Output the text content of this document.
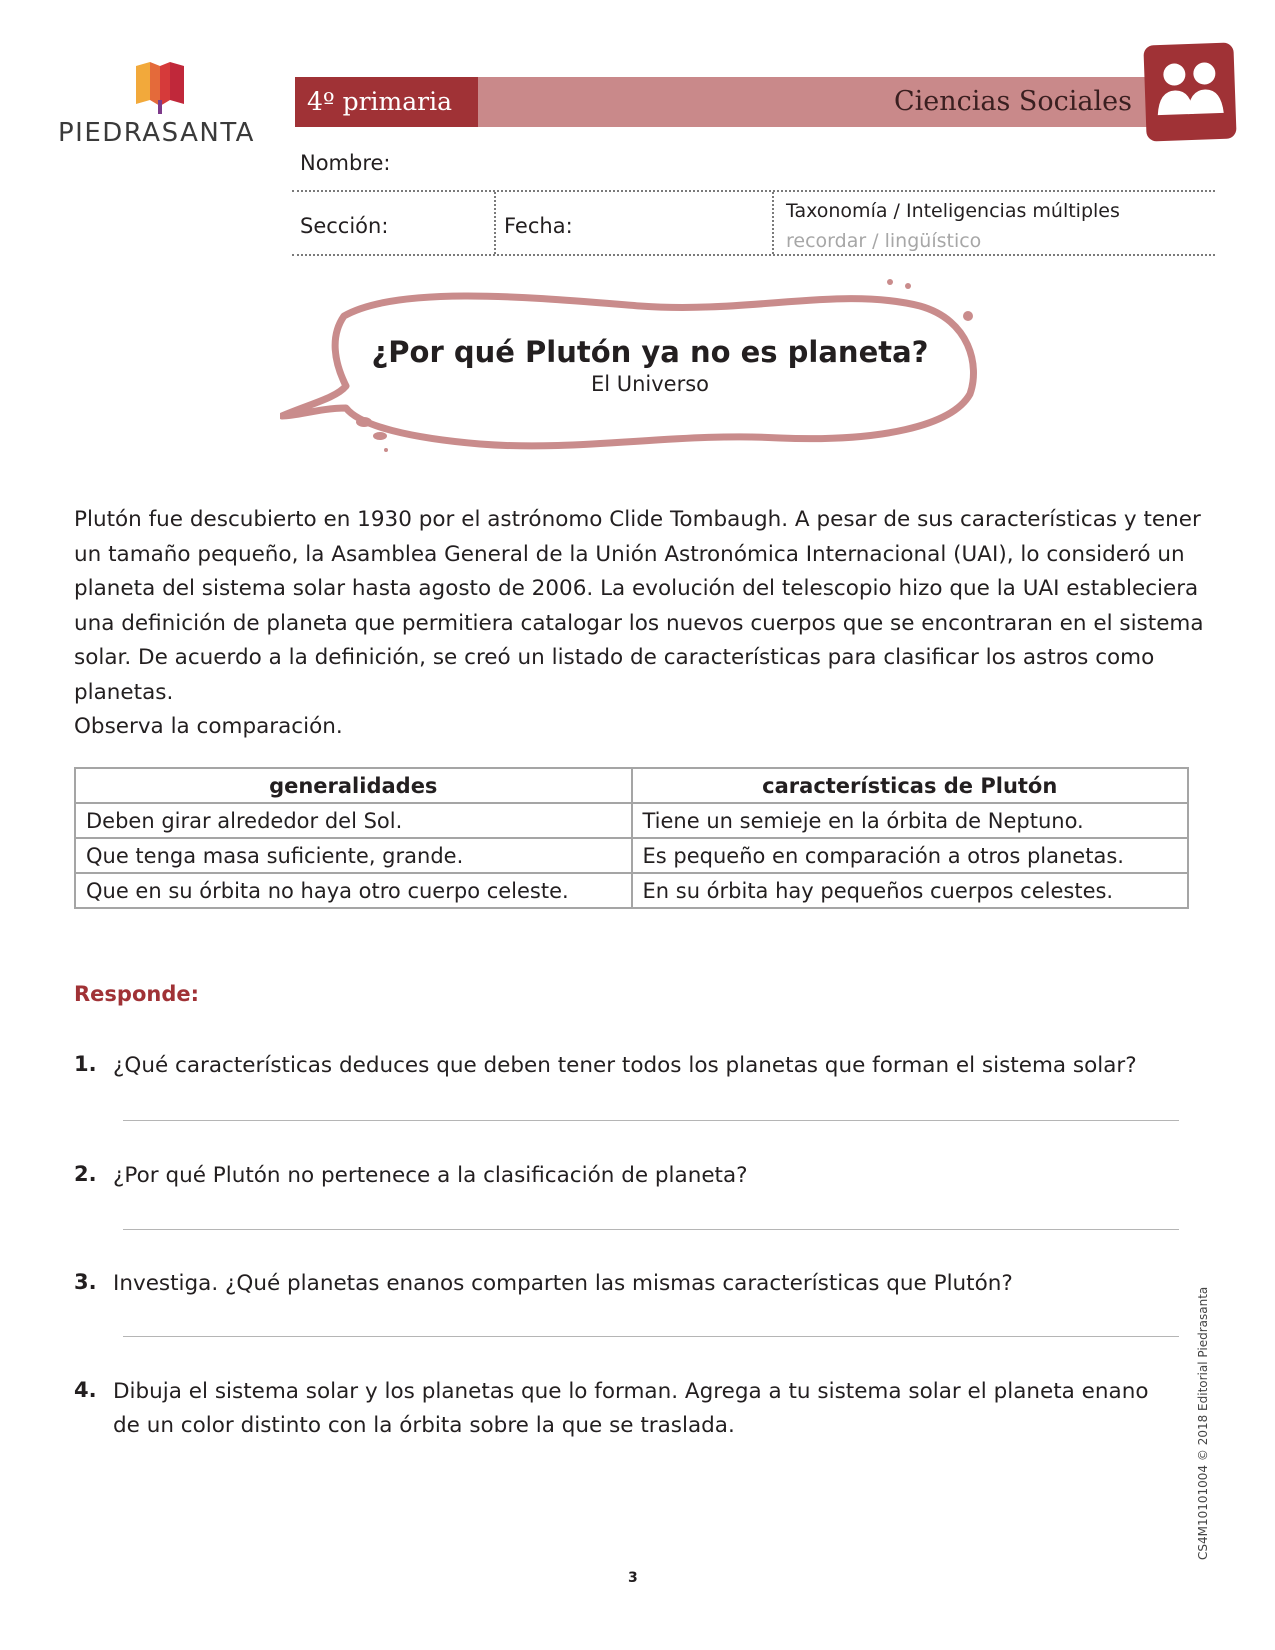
PIEDRASANTA
4º primaria	Ciencias Sociales
Nombre:
Sección:	Fecha:
Taxonomía / Inteligencias múltiples
recordar / lingüístico
¿Por qué Plutón ya no es planeta?
El Universo

Plutón fue descubierto en 1930 por el astrónomo Clide Tombaugh. A pesar de sus características y tener un tamaño pequeño, la Asamblea General de la Unión Astronómica Internacional (UAI), lo consideró un planeta del sistema solar hasta agosto de 2006. La evolución del telescopio hizo que la UAI estableciera una definición de planeta que permitiera catalogar los nuevos cuerpos que se encontraran en el sistema solar. De acuerdo a la definición, se creó un listado de características para clasificar los astros como planetas.

Observa la comparación.

generalidades	características de Plutón
Deben girar alrededor del Sol.	Tiene un semieje en la órbita de Neptuno.
Que tenga masa suficiente, grande.	Es pequeño en comparación a otros planetas.
Que en su órbita no haya otro cuerpo celeste.	En su órbita hay pequeños cuerpos celestes.
Responde:
1. ¿Qué características deduces que deben tener todos los planetas que forman el sistema solar?
2. ¿Por qué Plutón no pertenece a la clasificación de planeta?
3. Investiga. ¿Qué planetas enanos comparten las mismas características que Plutón?
4. Dibuja el sistema solar y los planetas que lo forman. Agrega a tu sistema solar el planeta enano de un color distinto con la órbita sobre la que se traslada.	CS4M10101004 © 2018 Editorial Piedrasanta
3
